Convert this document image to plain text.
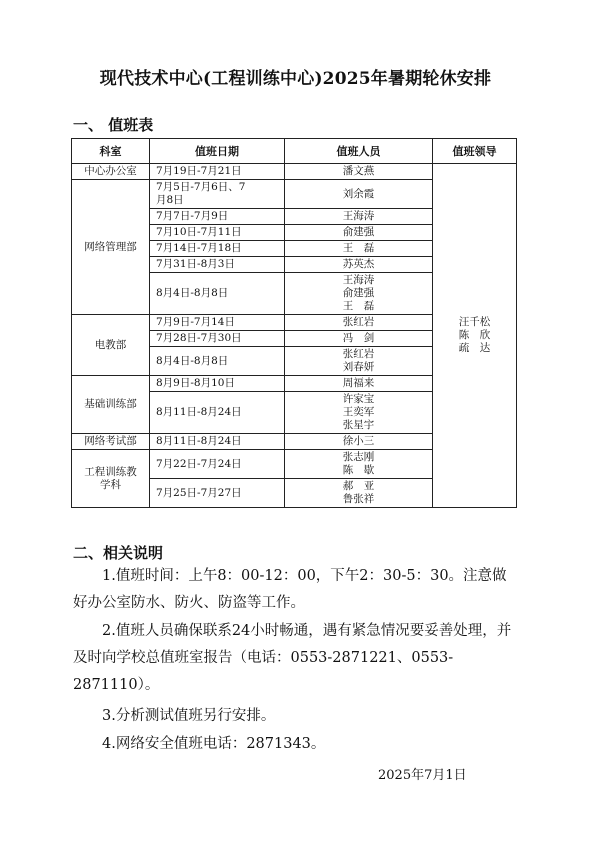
现代技术中心(工程训练中心)2025年暑期轮休安排
一、 值班表
科室	值班日期	值班人员	值班领导

中心办公室	7月19日-7月21日	潘文燕	汪千松
陈　欣
疏　达

网络管理部	7月5日-7月6日、7
月8日	刘余霞	

	7月7日-7月9日	王海涛	

	7月10日-7月11日	俞建强	

	7月14日-7月18日	王　磊	

	7月31日-8月3日	苏英杰	

	8月4日-8月8日	王海涛
俞建强
王　磊	

电教部	7月9日-7月14日	张红岩	

	7月28日-7月30日	冯　剑	

	8月4日-8月8日	张红岩
刘春妍	

基础训练部	8月9日-8月10日	周福来	

	8月11日-8月24日	许家宝
王奕军
张星宇	

网络考试部	8月11日-8月24日	徐小三	

工程训练教
学科	7月22日-7月24日	张志刚
陈　歇	

	7月25日-7月27日	郝　亚
鲁张祥	
二、相关说明
1.值班时间：上午8：00-12：00，下午2：30-5：30。注意做好办公室防水、防火、防盗等工作。
2.值班人员确保联系24小时畅通，遇有紧急情况要妥善处理，并及时向学校总值班室报告（电话：0553-2871221、0553-2871110）。
3.分析测试值班另行安排。
4.网络安全值班电话：2871343。
2025年7月1日
